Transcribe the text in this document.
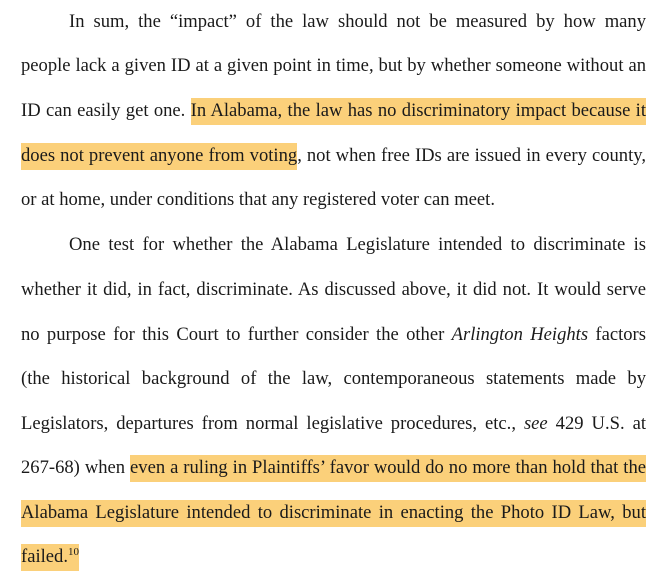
In sum, the “impact” of the law should not be measured by how many
people lack a given ID at a given point in time, but by whether someone without an
ID can easily get one. In Alabama, the law has no discriminatory impact because it
does not prevent anyone from voting, not when free IDs are issued in every county,
or at home, under conditions that any registered voter can meet.
One test for whether the Alabama Legislature intended to discriminate is
whether it did, in fact, discriminate. As discussed above, it did not. It would serve
no purpose for this Court to further consider the other Arlington Heights factors
(the historical background of the law, contemporaneous statements made by
Legislators, departures from normal legislative procedures, etc., see 429 U.S. at
267-68) when even a ruling in Plaintiffs’ favor would do no more than hold that the
Alabama Legislature intended to discriminate in enacting the Photo ID Law, but
failed.$^{10}$
